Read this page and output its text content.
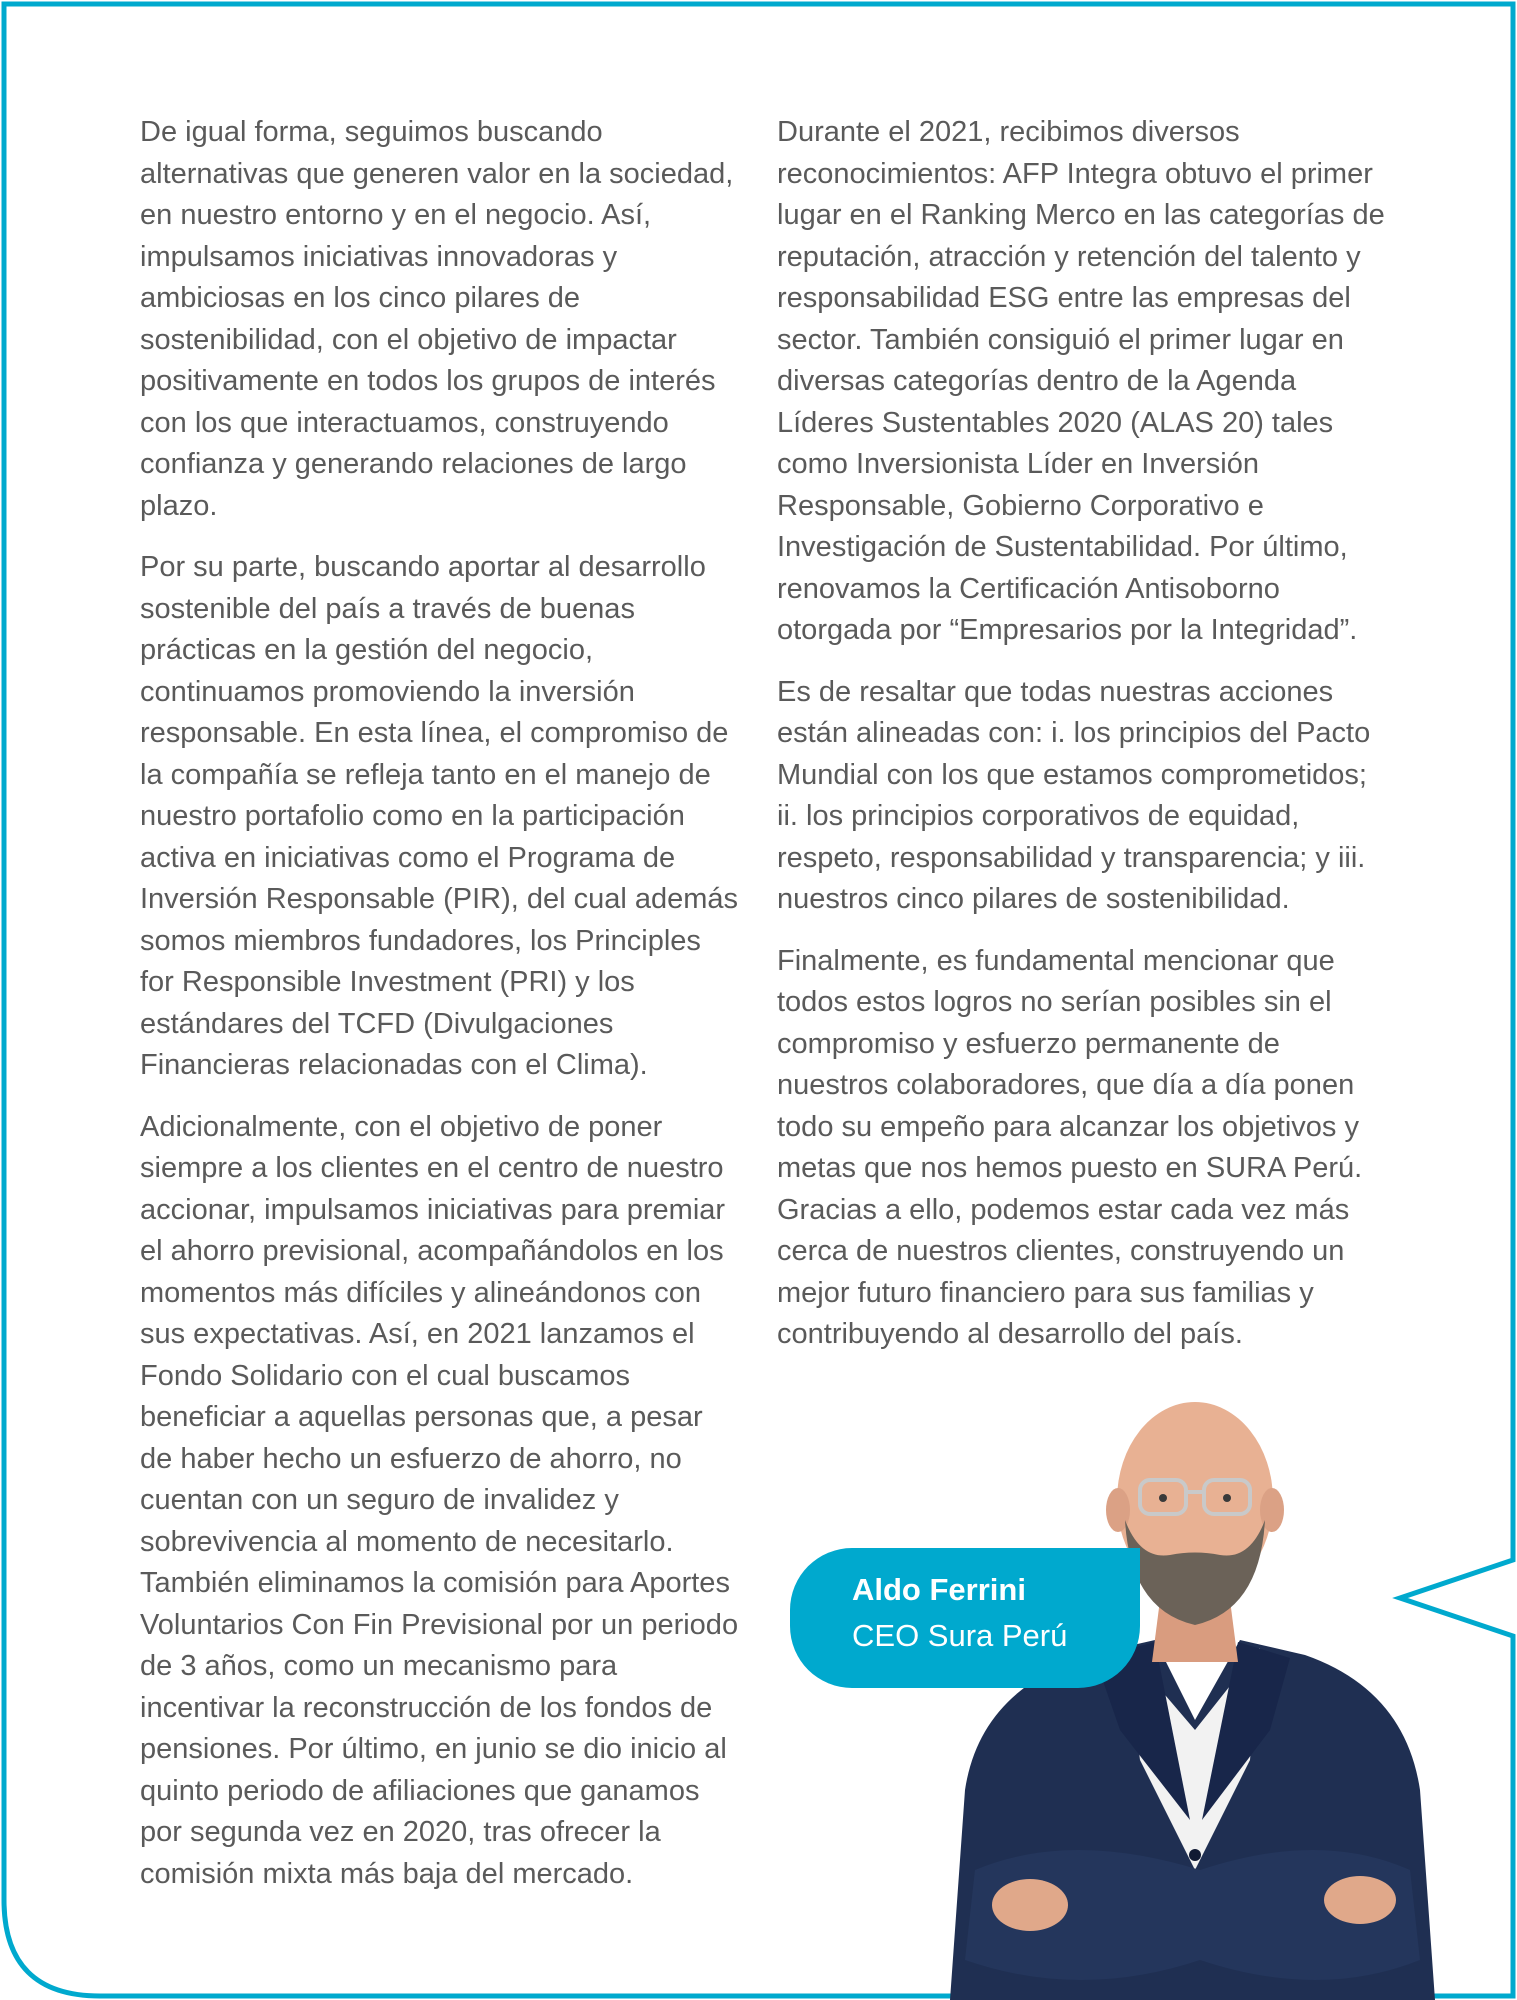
De igual forma, seguimos buscando alternativas que generen valor en la sociedad, en nuestro entorno y en el negocio. Así, impulsamos iniciativas innovadoras y ambiciosas en los cinco pilares de sostenibilidad, con el objetivo de impactar positivamente en todos los grupos de interés con los que interactuamos, construyendo confianza y generando relaciones de largo plazo.

Por su parte, buscando aportar al desarrollo sostenible del país a través de buenas prácticas en la gestión del negocio, continuamos promoviendo la inversión responsable. En esta línea, el compromiso de la compañía se refleja tanto en el manejo de nuestro portafolio como en la participación activa en iniciativas como el Programa de Inversión Responsable (PIR), del cual además somos miembros fundadores, los Principles for Responsible Investment (PRI) y los estándares del TCFD (Divulgaciones Financieras relacionadas con el Clima).

Adicionalmente, con el objetivo de poner siempre a los clientes en el centro de nuestro accionar, impulsamos iniciativas para premiar el ahorro previsional, acompañándolos en los momentos más difíciles y alineándonos con sus expectativas. Así, en 2021 lanzamos el Fondo Solidario con el cual buscamos beneficiar a aquellas personas que, a pesar de haber hecho un esfuerzo de ahorro, no cuentan con un seguro de invalidez y sobrevivencia al momento de necesitarlo. También eliminamos la comisión para Aportes Voluntarios Con Fin Previsional por un periodo de 3 años, como un mecanismo para incentivar la reconstrucción de los fondos de pensiones. Por último, en junio se dio inicio al quinto periodo de afiliaciones que ganamos por segunda vez en 2020, tras ofrecer la comisión mixta más baja del mercado.

Durante el 2021, recibimos diversos reconocimientos: AFP Integra obtuvo el primer lugar en el Ranking Merco en las categorías de reputación, atracción y retención del talento y responsabilidad ESG entre las empresas del sector. También consiguió el primer lugar en diversas categorías dentro de la Agenda Líderes Sustentables 2020 (ALAS 20) tales como Inversionista Líder en Inversión Responsable, Gobierno Corporativo e Investigación de Sustentabilidad. Por último, renovamos la Certificación Antisoborno otorgada por “Empresarios por la Integridad”.

Es de resaltar que todas nuestras acciones están alineadas con: i. los principios del Pacto Mundial con los que estamos comprometidos; ii. los principios corporativos de equidad, respeto, responsabilidad y transparencia; y iii. nuestros cinco pilares de sostenibilidad.

Finalmente, es fundamental mencionar que todos estos logros no serían posibles sin el compromiso y esfuerzo permanente de nuestros colaboradores, que día a día ponen todo su empeño para alcanzar los objetivos y metas que nos hemos puesto en SURA Perú. Gracias a ello, podemos estar cada vez más cerca de nuestros clientes, construyendo un mejor futuro financiero para sus familias y contribuyendo al desarrollo del país.

Aldo Ferrini
CEO Sura Perú
